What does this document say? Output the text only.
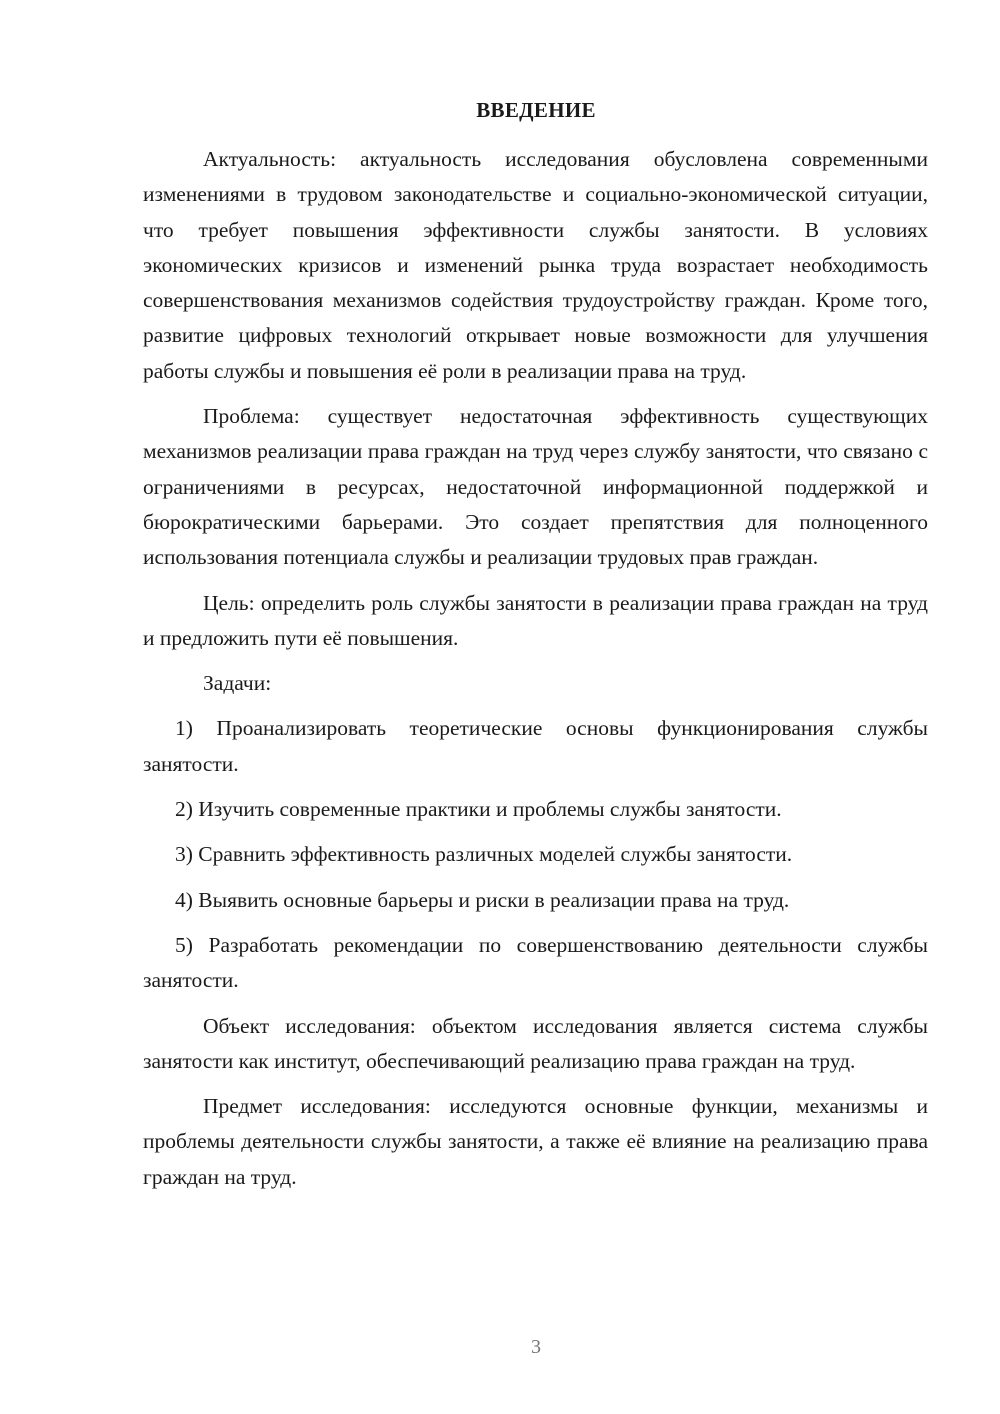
ВВЕДЕНИЕ

Актуальность: актуальность исследования обусловлена современными изменениями в трудовом законодательстве и социально-экономической ситуации, что требует повышения эффективности службы занятости. В условиях экономических кризисов и изменений рынка труда возрастает необходимость совершенствования механизмов содействия трудоустройству граждан. Кроме того, развитие цифровых технологий открывает новые возможности для улучшения работы службы и повышения её роли в реализации права на труд.

Проблема: существует недостаточная эффективность существующих механизмов реализации права граждан на труд через службу занятости, что связано с ограничениями в ресурсах, недостаточной информационной поддержкой и бюрократическими барьерами. Это создает препятствия для полноценного использования потенциала службы и реализации трудовых прав граждан.

Цель: определить роль службы занятости в реализации права граждан на труд и предложить пути её повышения.

Задачи:

1) Проанализировать теоретические основы функционирования службы занятости.

2) Изучить современные практики и проблемы службы занятости.

3) Сравнить эффективность различных моделей службы занятости.

4) Выявить основные барьеры и риски в реализации права на труд.

5) Разработать рекомендации по совершенствованию деятельности службы занятости.

Объект исследования: объектом исследования является система службы занятости как институт, обеспечивающий реализацию права граждан на труд.

Предмет исследования: исследуются основные функции, механизмы и проблемы деятельности службы занятости, а также её влияние на реализацию права граждан на труд.

3
